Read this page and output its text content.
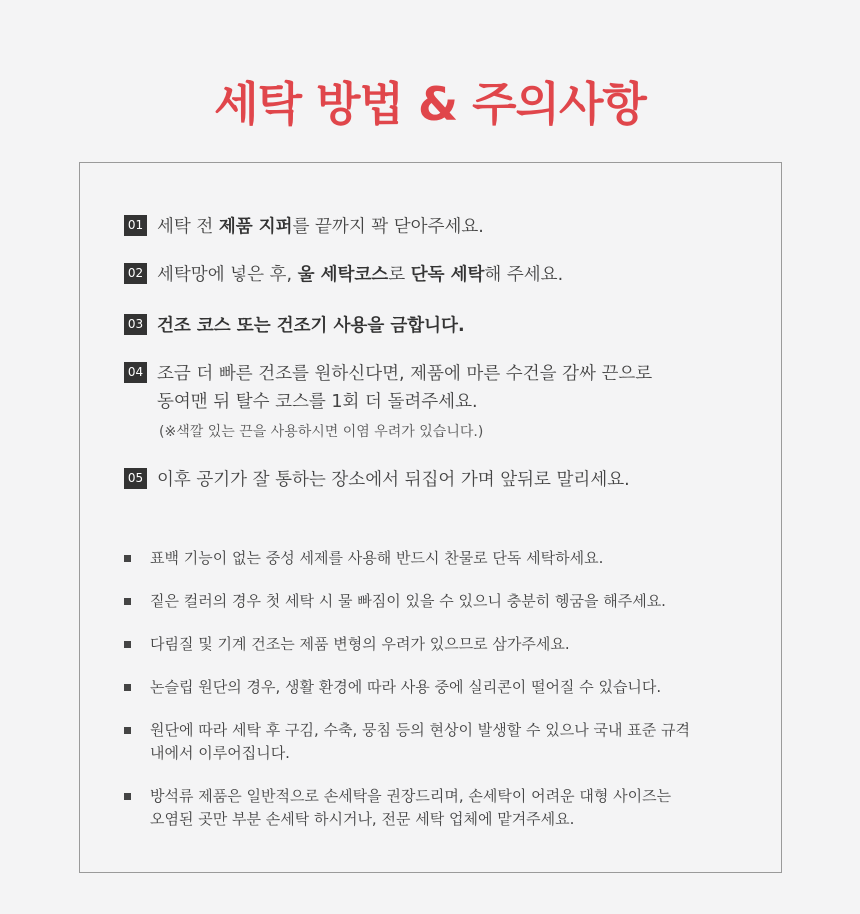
세탁 방법 & 주의사항
01 세탁 전 제품 지퍼를 끝까지 꽉 닫아주세요.
02 세탁망에 넣은 후, 울 세탁코스로 단독 세탁해 주세요.
03 건조 코스 또는 건조기 사용을 금합니다.
04 조금 더 빠른 건조를 원하신다면, 제품에 마른 수건을 감싸 끈으로
동여맨 뒤 탈수 코스를 1회 더 돌려주세요.
(※색깔 있는 끈을 사용하시면 이염 우려가 있습니다.)
05 이후 공기가 잘 통하는 장소에서 뒤집어 가며 앞뒤로 말리세요.
표백 기능이 없는 중성 세제를 사용해 반드시 찬물로 단독 세탁하세요.
짙은 컬러의 경우 첫 세탁 시 물 빠짐이 있을 수 있으니 충분히 헹굼을 해주세요.
다림질 및 기계 건조는 제품 변형의 우려가 있으므로 삼가주세요.
논슬립 원단의 경우, 생활 환경에 따라 사용 중에 실리콘이 떨어질 수 있습니다.
원단에 따라 세탁 후 구김, 수축, 뭉침 등의 현상이 발생할 수 있으나 국내 표준 규격
내에서 이루어집니다.
방석류 제품은 일반적으로 손세탁을 권장드리며, 손세탁이 어려운 대형 사이즈는
오염된 곳만 부분 손세탁 하시거나, 전문 세탁 업체에 맡겨주세요.
